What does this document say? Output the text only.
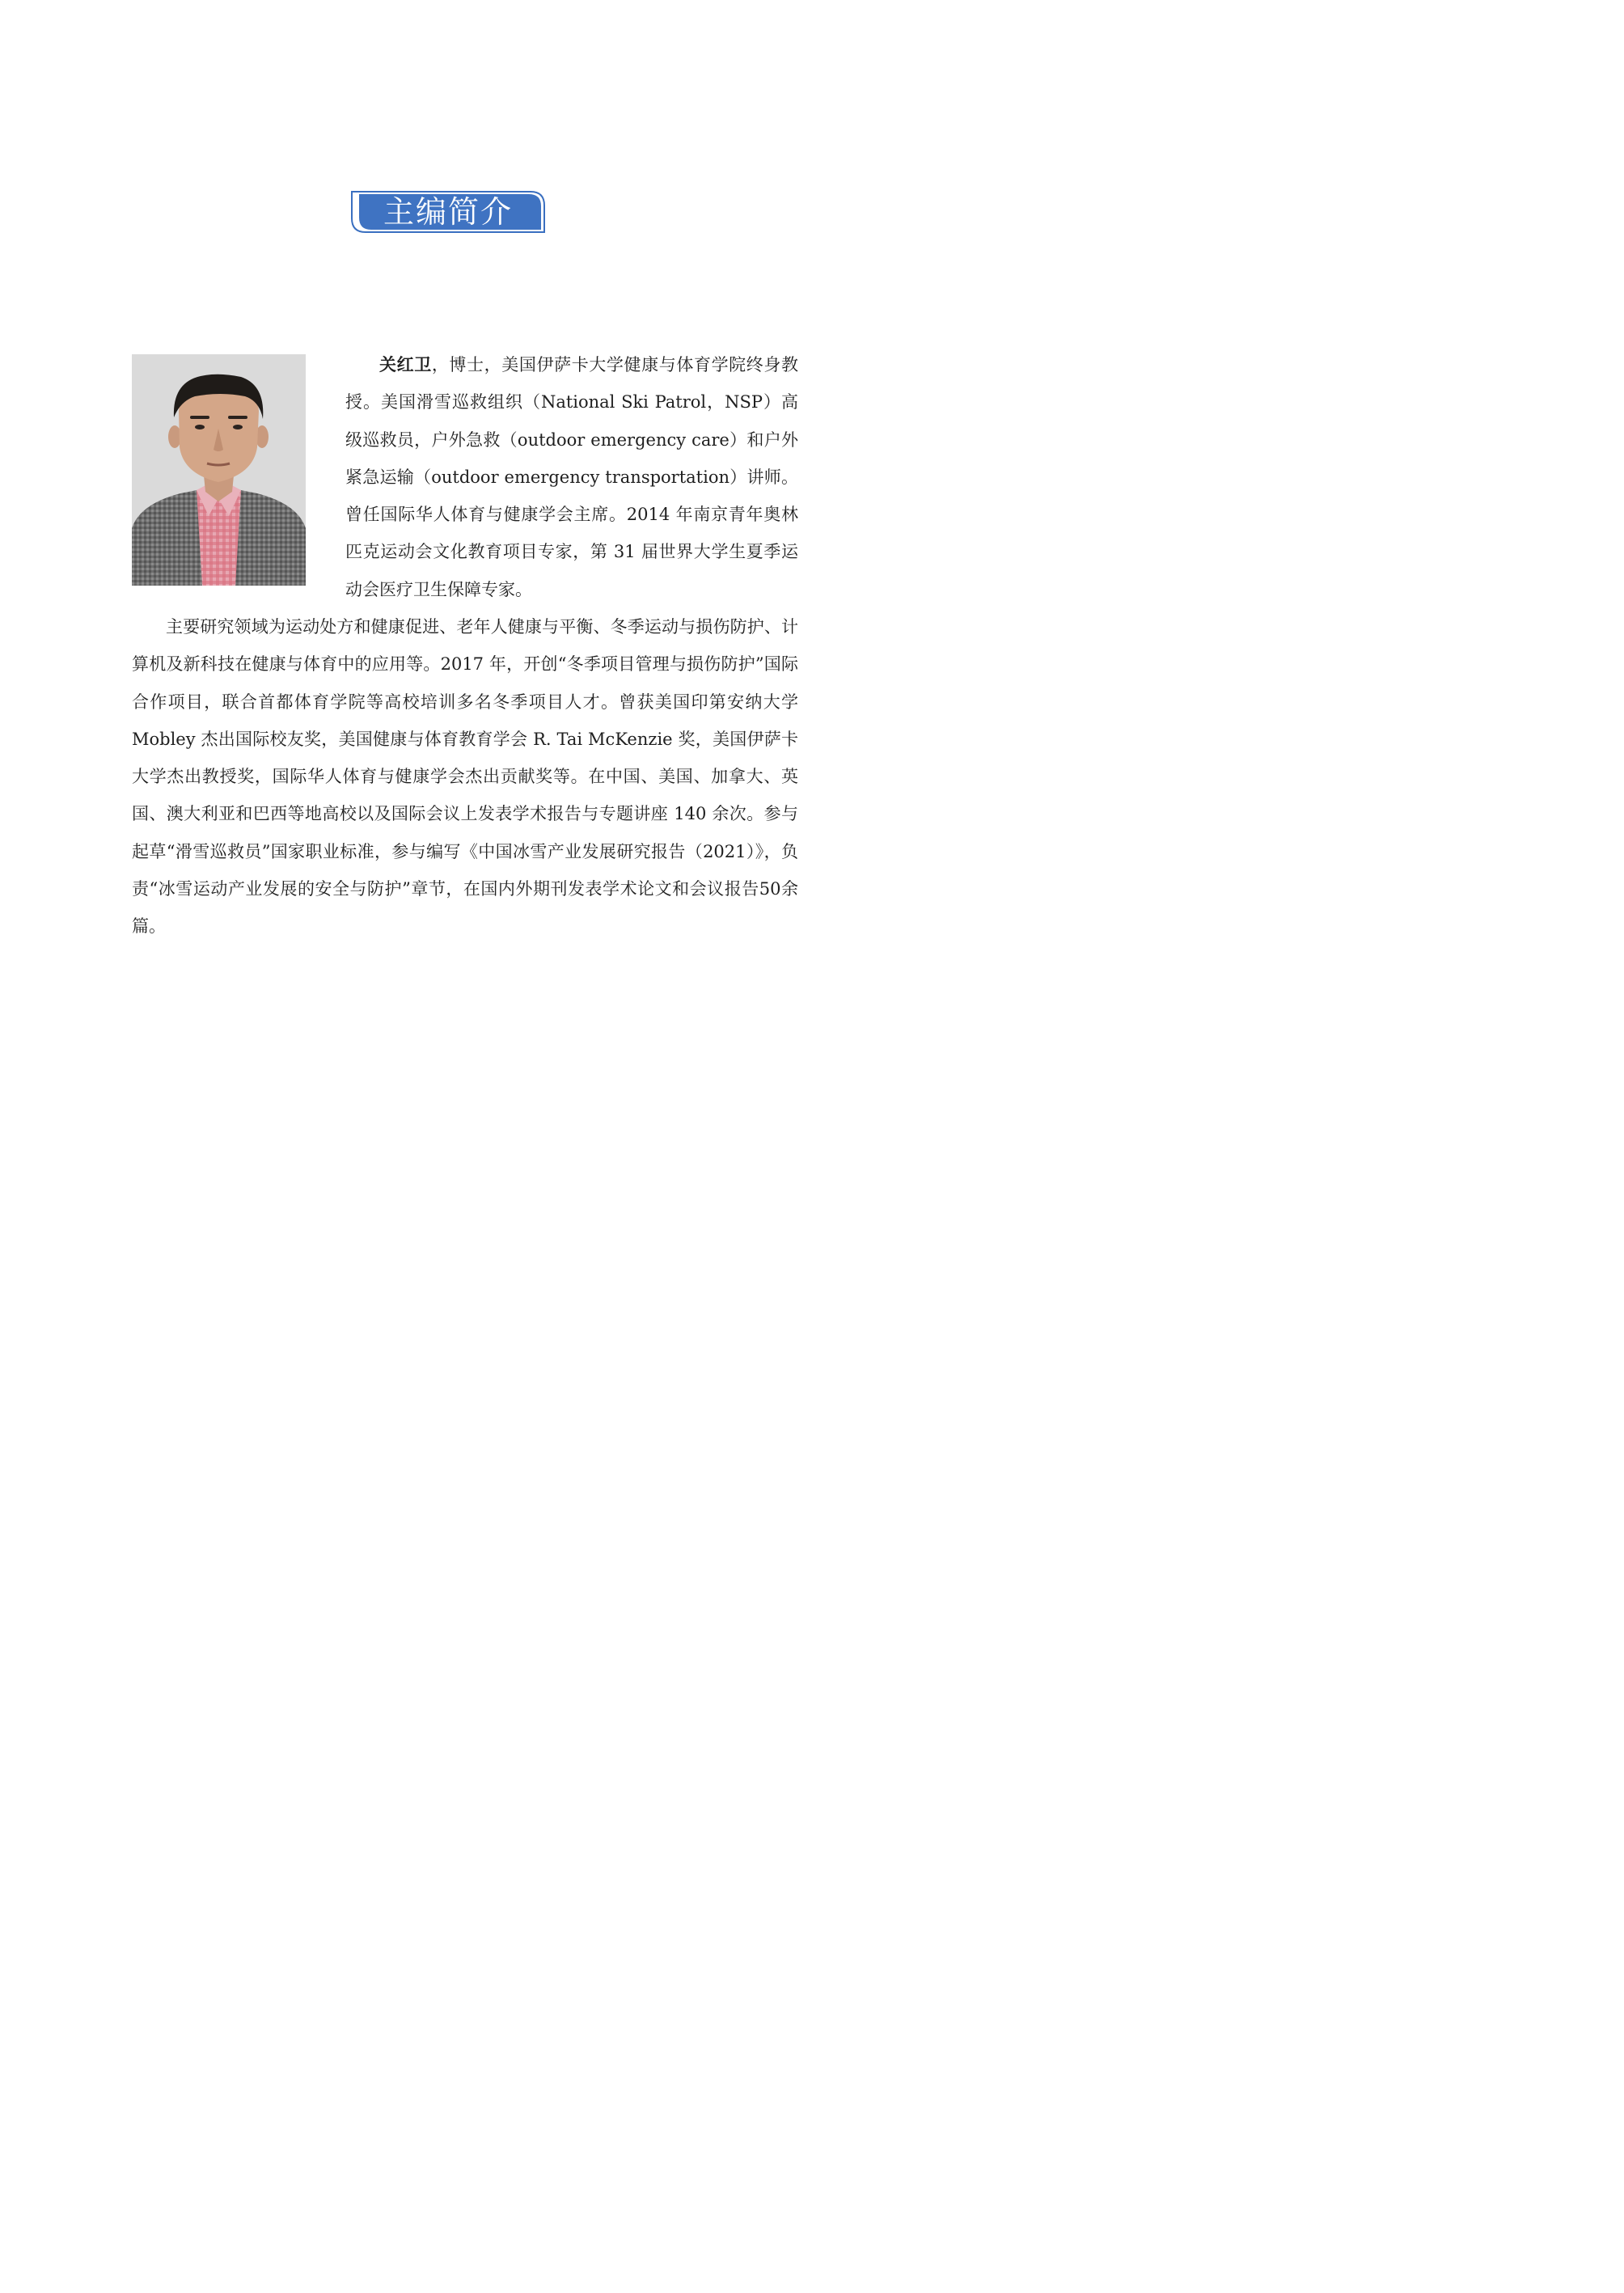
主编简介

关红卫，博士，美国伊萨卡大学健康与体育学院终身教授。美国滑雪巡救组织（National Ski Patrol，NSP）高级巡救员，户外急救（outdoor emergency care）和户外紧急运输（outdoor emergency transportation）讲师。曾任国际华人体育与健康学会主席。2014 年南京青年奥林匹克运动会文化教育项目专家，第 31 届世界大学生夏季运动会医疗卫生保障专家。

主要研究领域为运动处方和健康促进、老年人健康与平衡、冬季运动与损伤防护、计算机及新科技在健康与体育中的应用等。2017 年，开创“冬季项目管理与损伤防护”国际合作项目，联合首都体育学院等高校培训多名冬季项目人才。曾获美国印第安纳大学 Mobley 杰出国际校友奖，美国健康与体育教育学会 R. Tai McKenzie 奖，美国伊萨卡大学杰出教授奖，国际华人体育与健康学会杰出贡献奖等。在中国、美国、加拿大、英国、澳大利亚和巴西等地高校以及国际会议上发表学术报告与专题讲座 140 余次。参与起草“滑雪巡救员”国家职业标准，参与编写《中国冰雪产业发展研究报告（2021）》，负责“冰雪运动产业发展的安全与防护”章节，在国内外期刊发表学术论文和会议报告50余篇。
